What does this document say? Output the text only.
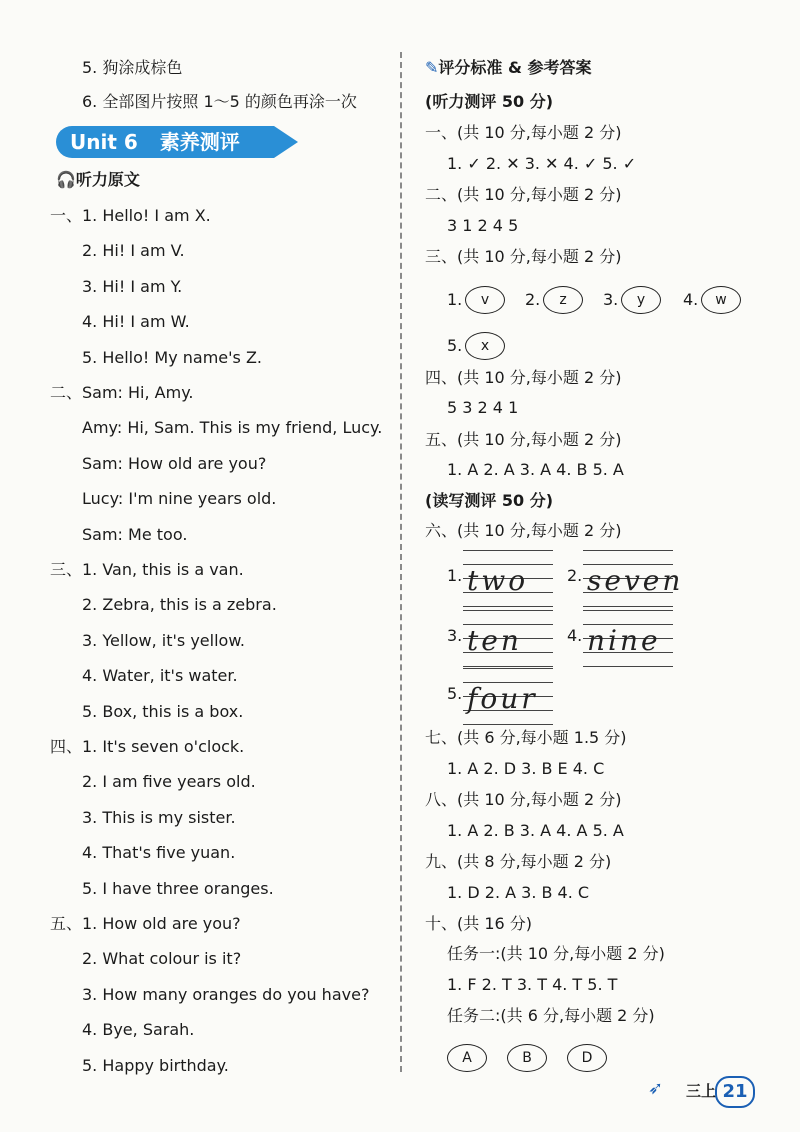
5. 狗涂成棕色
6. 全部图片按照 1～5 的颜色再涂一次
Unit 6 素养测评
🎧听力原文
一、1. Hello! I am X.
2. Hi! I am V.
3. Hi! I am Y.
4. Hi! I am W.
5. Hello! My name's Z.
二、Sam: Hi, Amy.
Amy: Hi, Sam. This is my friend, Lucy.
Sam: How old are you?
Lucy: I'm nine years old.
Sam: Me too.
三、1. Van, this is a van.
2. Zebra, this is a zebra.
3. Yellow, it's yellow.
4. Water, it's water.
5. Box, this is a box.
四、1. It's seven o'clock.
2. I am five years old.
3. This is my sister.
4. That's five yuan.
5. I have three oranges.
五、1. How old are you?
2. What colour is it?
3. How many oranges do you have?
4. Bye, Sarah.
5. Happy birthday.
✎评分标准 & 参考答案
(听力测评 50 分)
一、(共 10 分,每小题 2 分)
1. ✓ 2. ✕ 3. ✕ 4. ✓ 5. ✓
二、(共 10 分,每小题 2 分)
3 1 2 4 5
三、(共 10 分,每小题 2 分)
1.	v	2.	z	3.	y	4.	w
5.	x
四、(共 10 分,每小题 2 分)
5 3 2 4 1
五、(共 10 分,每小题 2 分)
1. A 2. A 3. A 4. B 5. A
(读写测评 50 分)
六、(共 10 分,每小题 2 分)
1. two 2. seven
3. ten	4. nine
5. four
七、(共 6 分,每小题 1.5 分)
1. A 2. D 3. B E 4. C
八、(共 10 分,每小题 2 分)
1. A 2. B 3. A 4. A 5. A
九、(共 8 分,每小题 2 分)
1. D 2. A 3. B 4. C
十、(共 16 分)
任务一:(共 10 分,每小题 2 分)
1. F 2. T 3. T 4. T 5. T
任务二:(共 6 分,每小题 2 分)
A	B	D
➶ 三上 21
